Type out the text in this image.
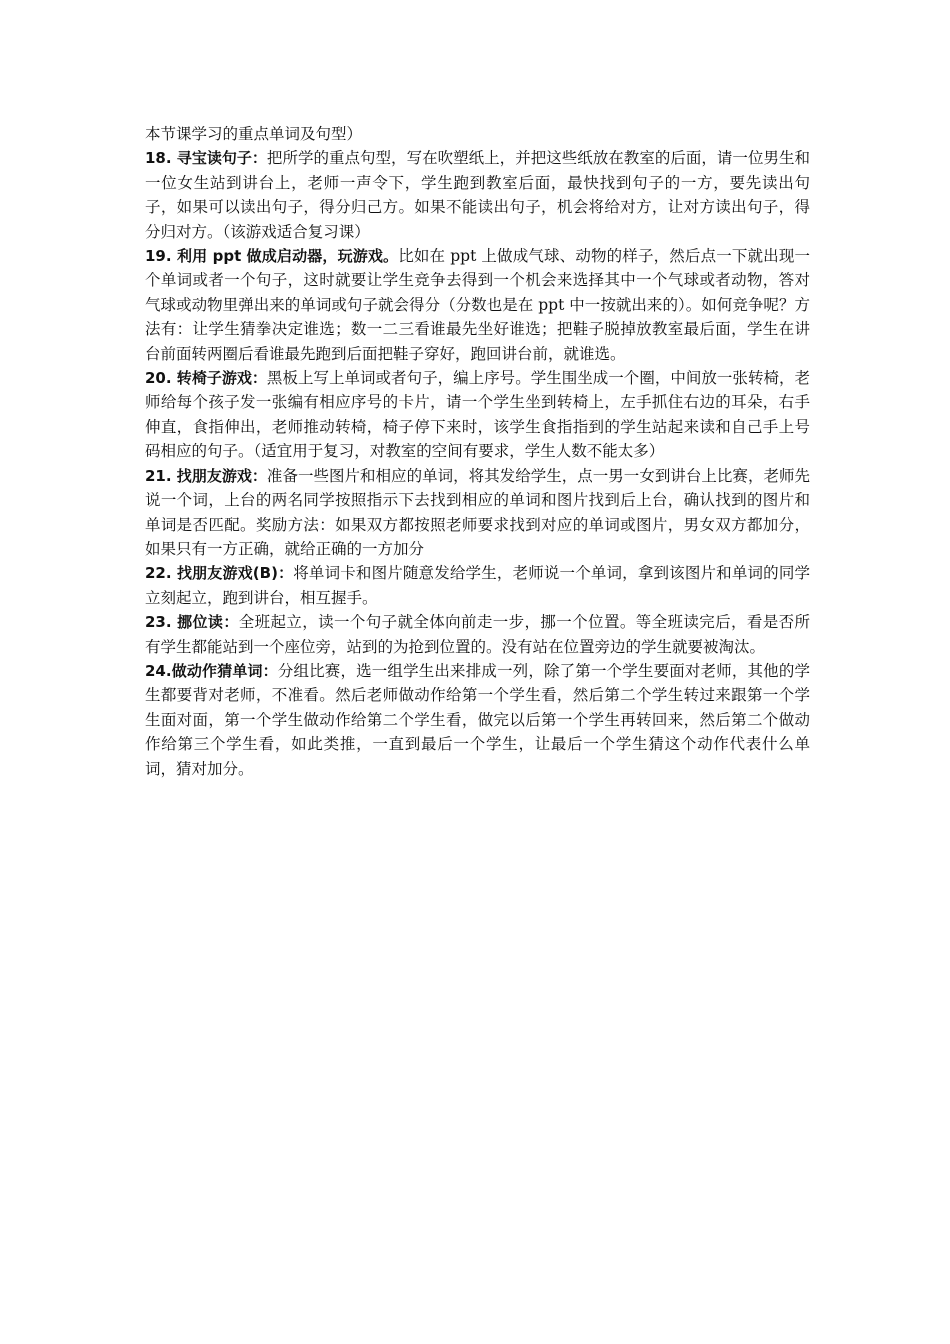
本节课学习的重点单词及句型）

18. 寻宝读句子：把所学的重点句型，写在吹塑纸上，并把这些纸放在教室的后面，请一位男生和一位女生站到讲台上，老师一声令下，学生跑到教室后面，最快找到句子的一方，要先读出句子，如果可以读出句子，得分归己方。如果不能读出句子，机会将给对方，让对方读出句子，得分归对方。（该游戏适合复习课）

19. 利用 ppt 做成启动器，玩游戏。比如在 ppt 上做成气球、动物的样子，然后点一下就出现一个单词或者一个句子，这时就要让学生竞争去得到一个机会来选择其中一个气球或者动物，答对气球或动物里弹出来的单词或句子就会得分（分数也是在 ppt 中一按就出来的）。如何竞争呢？方法有：让学生猜拳决定谁选；数一二三看谁最先坐好谁选；把鞋子脱掉放教室最后面，学生在讲台前面转两圈后看谁最先跑到后面把鞋子穿好，跑回讲台前，就谁选。

20. 转椅子游戏：黑板上写上单词或者句子，编上序号。学生围坐成一个圈，中间放一张转椅，老师给每个孩子发一张编有相应序号的卡片，请一个学生坐到转椅上，左手抓住右边的耳朵，右手伸直，食指伸出，老师推动转椅，椅子停下来时，该学生食指指到的学生站起来读和自己手上号码相应的句子。（适宜用于复习，对教室的空间有要求，学生人数不能太多）

21. 找朋友游戏：准备一些图片和相应的单词，将其发给学生，点一男一女到讲台上比赛，老师先说一个词，上台的两名同学按照指示下去找到相应的单词和图片找到后上台，确认找到的图片和单词是否匹配。奖励方法：如果双方都按照老师要求找到对应的单词或图片，男女双方都加分，如果只有一方正确，就给正确的一方加分

22. 找朋友游戏(B)：将单词卡和图片随意发给学生，老师说一个单词，拿到该图片和单词的同学立刻起立，跑到讲台，相互握手。

23. 挪位读：全班起立，读一个句子就全体向前走一步，挪一个位置。等全班读完后，看是否所有学生都能站到一个座位旁，站到的为抢到位置的。没有站在位置旁边的学生就要被淘汰。

24.做动作猜单词：分组比赛，选一组学生出来排成一列，除了第一个学生要面对老师，其他的学生都要背对老师，不准看。然后老师做动作给第一个学生看，然后第二个学生转过来跟第一个学生面对面，第一个学生做动作给第二个学生看，做完以后第一个学生再转回来，然后第二个做动作给第三个学生看，如此类推，一直到最后一个学生，让最后一个学生猜这个动作代表什么单词，猜对加分。
